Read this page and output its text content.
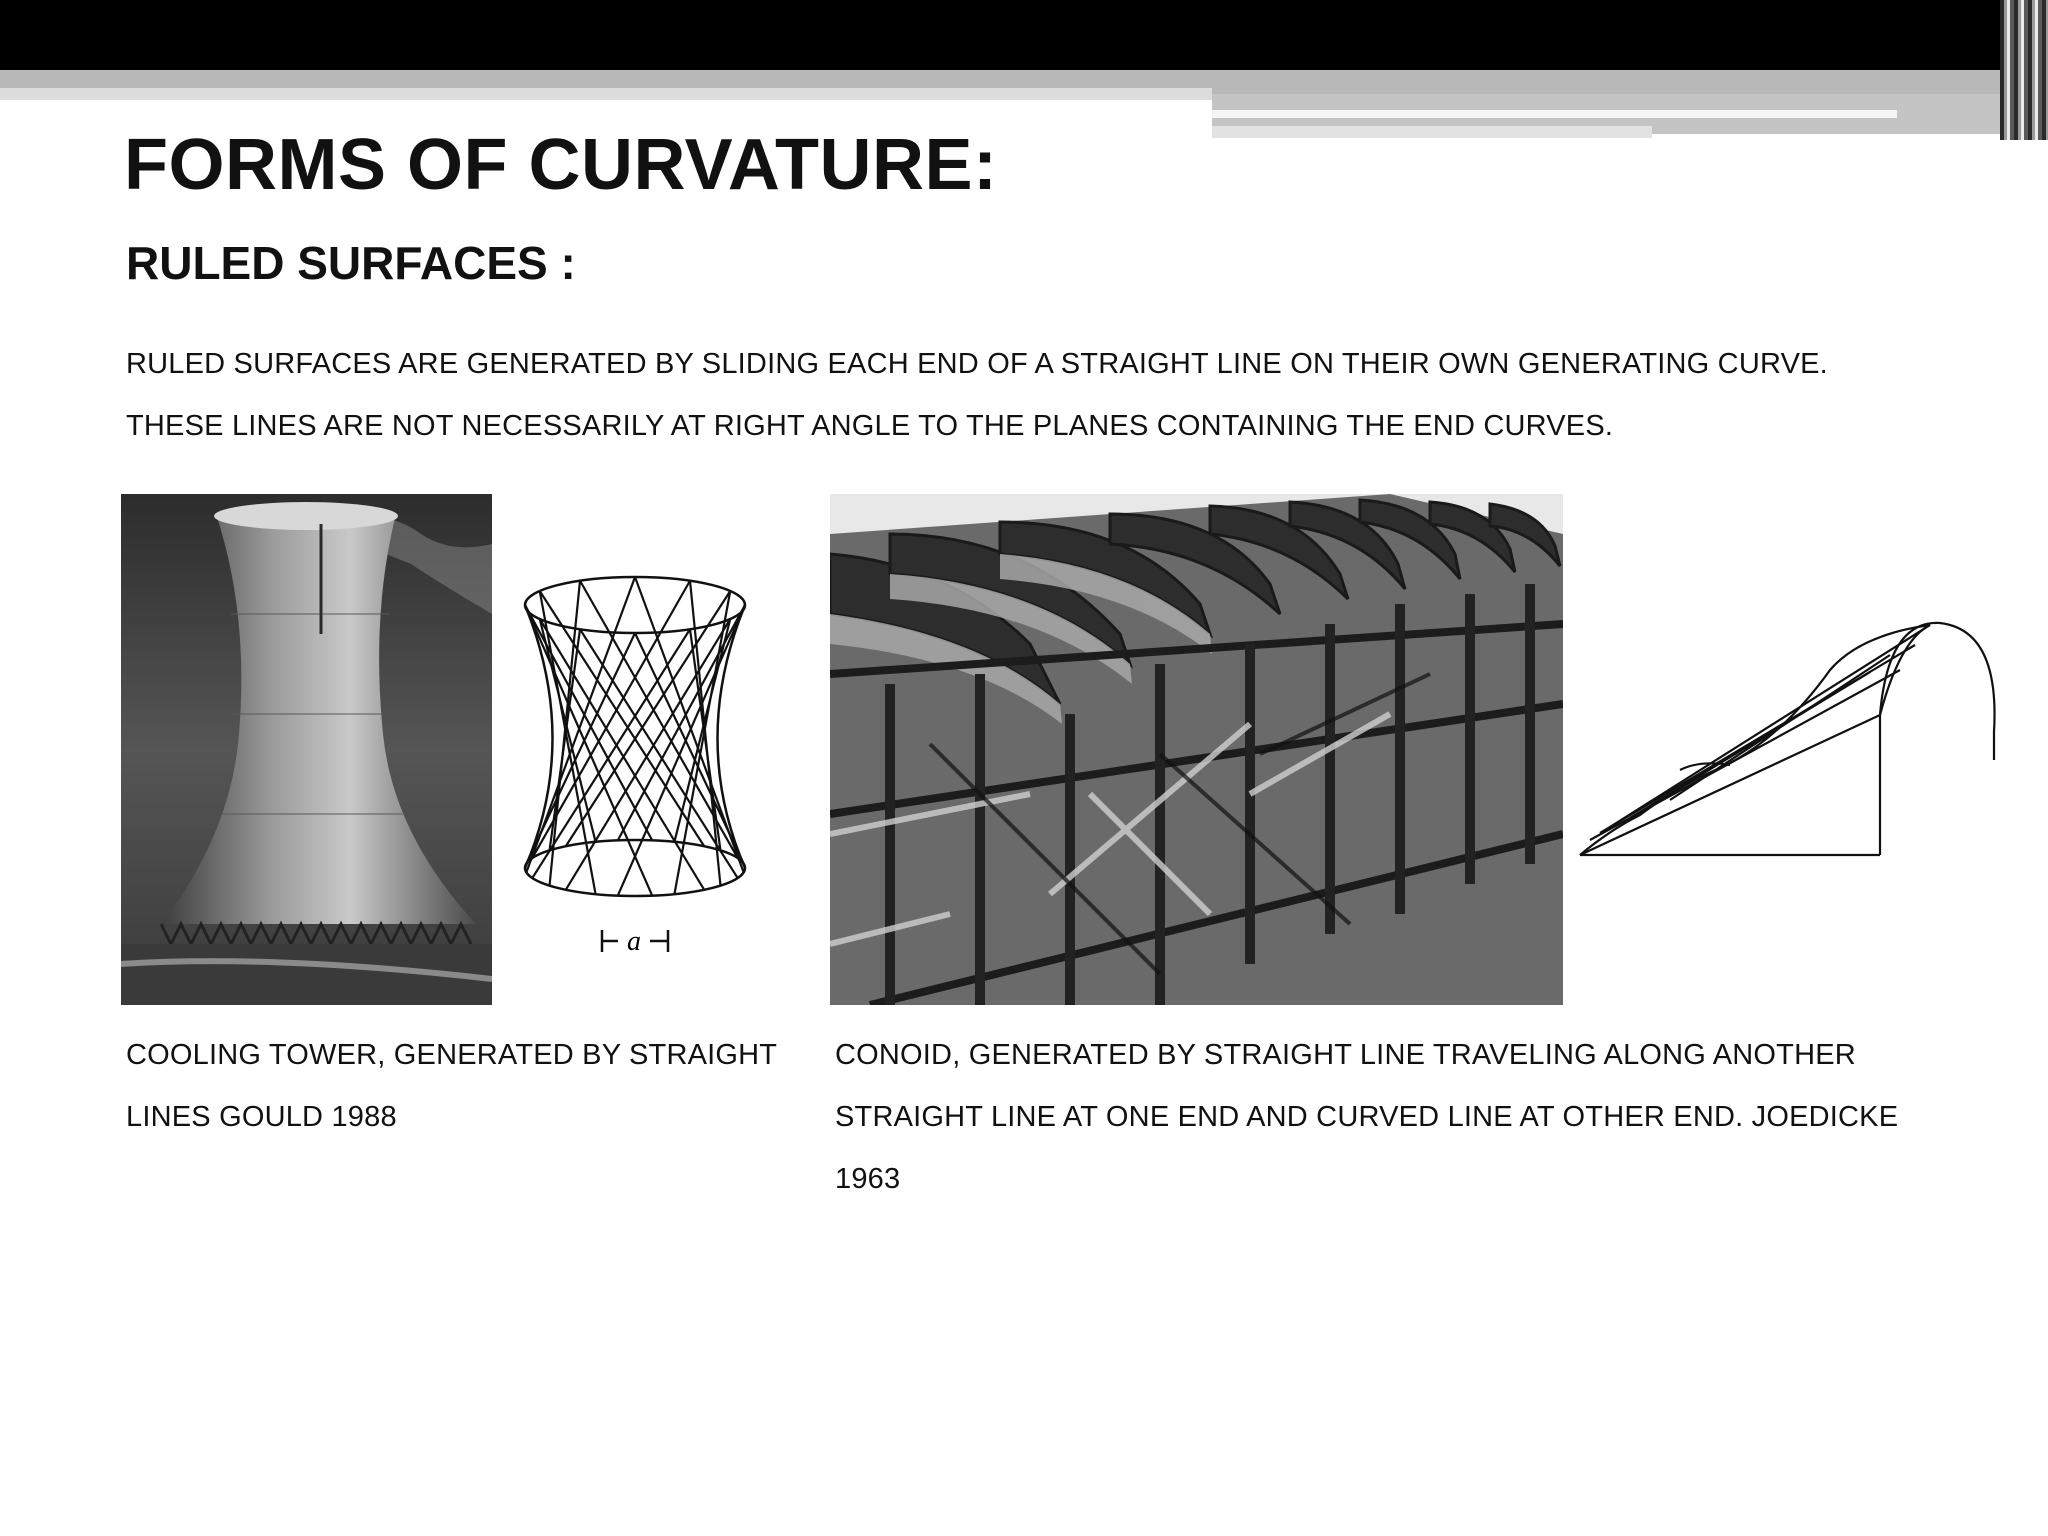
FORMS OF CURVATURE:
RULED SURFACES :

RULED SURFACES ARE GENERATED BY SLIDING EACH END OF A STRAIGHT LINE ON THEIR OWN GENERATING CURVE.

THESE LINES ARE NOT NECESSARILY AT RIGHT ANGLE TO THE PLANES CONTAINING THE END CURVES.

a

COOLING TOWER, GENERATED BY STRAIGHT
LINES GOULD 1988

CONOID, GENERATED BY STRAIGHT LINE TRAVELING ALONG ANOTHER
STRAIGHT LINE AT ONE END AND CURVED LINE AT OTHER END. JOEDICKE
1963
